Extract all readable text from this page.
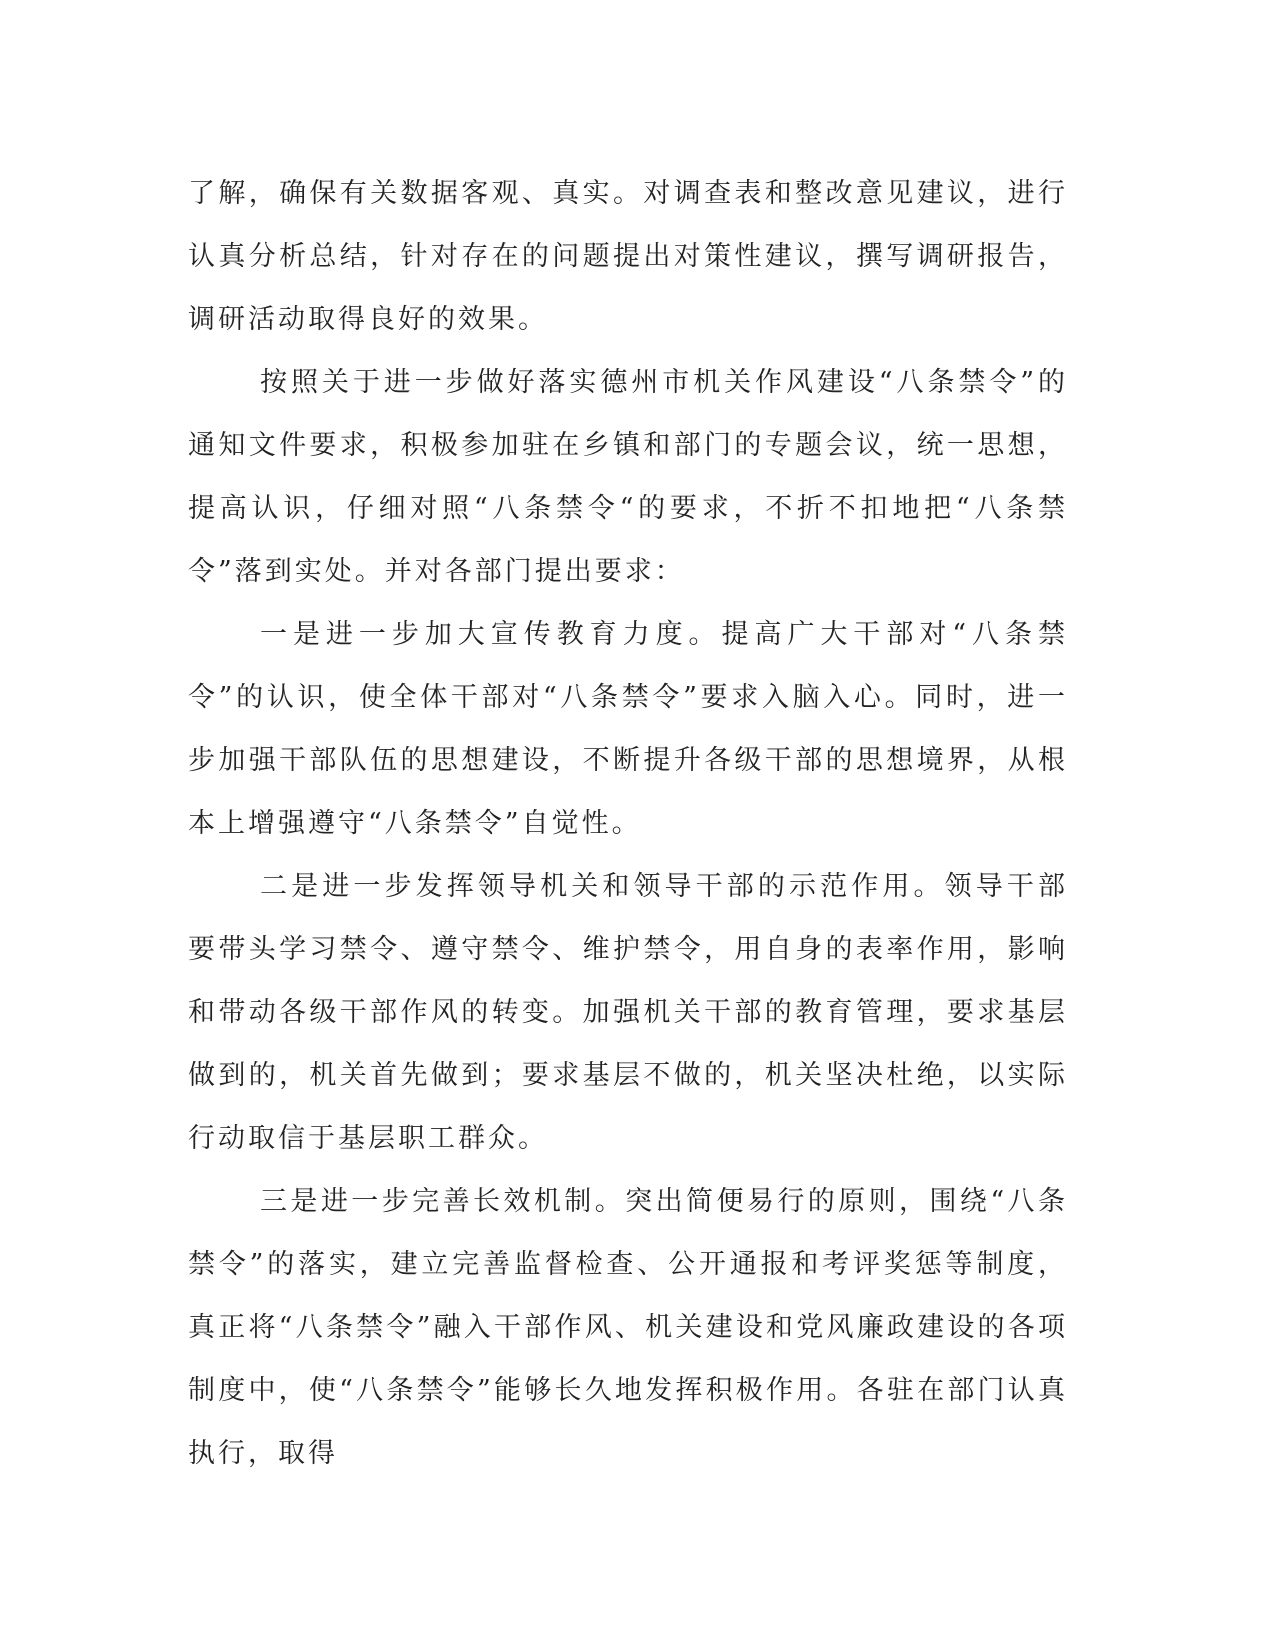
了解，确保有关数据客观、真实。对调查表和整改意见建议，进行认真分析总结，针对存在的问题提出对策性建议，撰写调研报告，调研活动取得良好的效果。

按照关于进一步做好落实德州市机关作风建设“八条禁令”的通知文件要求，积极参加驻在乡镇和部门的专题会议，统一思想，提高认识，仔细对照“八条禁令“的要求，不折不扣地把“八条禁令”落到实处。并对各部门提出要求：

一是进一步加大宣传教育力度。提高广大干部对“八条禁令”的认识，使全体干部对“八条禁令”要求入脑入心。同时，进一步加强干部队伍的思想建设，不断提升各级干部的思想境界，从根本上增强遵守“八条禁令”自觉性。

二是进一步发挥领导机关和领导干部的示范作用。领导干部要带头学习禁令、遵守禁令、维护禁令，用自身的表率作用，影响和带动各级干部作风的转变。加强机关干部的教育管理，要求基层做到的，机关首先做到；要求基层不做的，机关坚决杜绝，以实际行动取信于基层职工群众。

三是进一步完善长效机制。突出简便易行的原则，围绕“八条禁令”的落实，建立完善监督检查、公开通报和考评奖惩等制度，真正将“八条禁令”融入干部作风、机关建设和党风廉政建设的各项制度中，使“八条禁令”能够长久地发挥积极作用。各驻在部门认真执行，取得
